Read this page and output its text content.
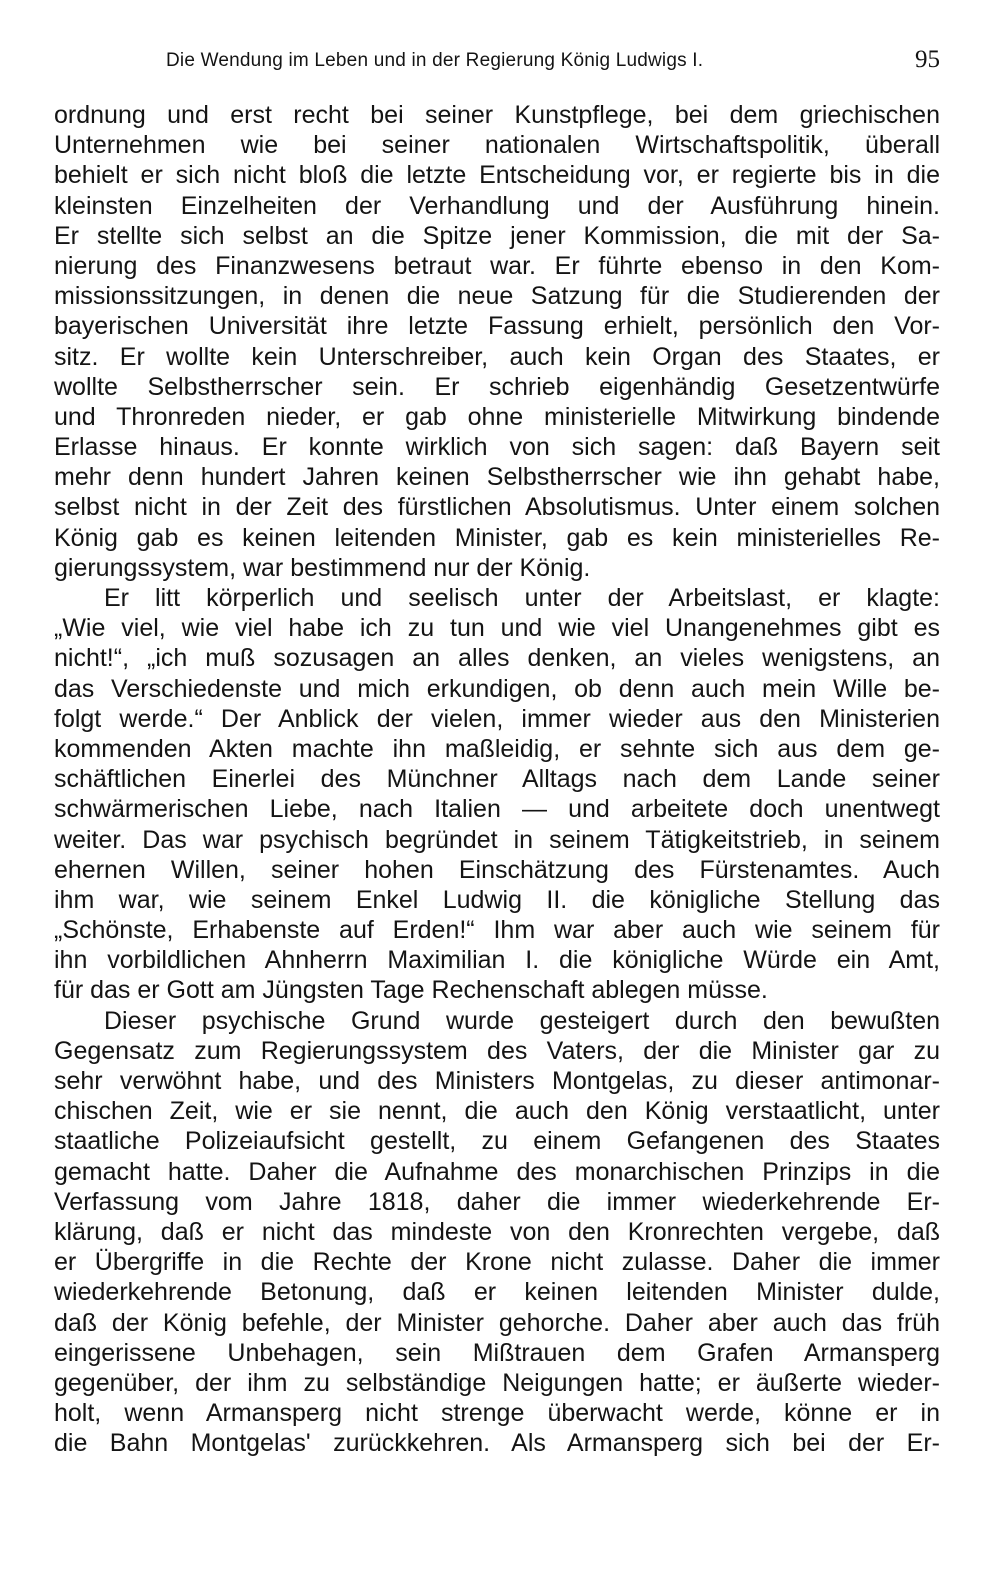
Die Wendung im Leben und in der Regierung König Ludwigs I.	95
ordnung und erst recht bei seiner Kunstpflege, bei dem griechischen
Unternehmen wie bei seiner nationalen Wirtschaftspolitik, überall
behielt er sich nicht bloß die letzte Entscheidung vor, er regierte bis in die
kleinsten Einzelheiten der Verhandlung und der Ausführung hinein.
Er stellte sich selbst an die Spitze jener Kommission, die mit der Sa-
nierung des Finanzwesens betraut war. Er führte ebenso in den Kom-
missionssitzungen, in denen die neue Satzung für die Studierenden der
bayerischen Universität ihre letzte Fassung erhielt, persönlich den Vor-
sitz. Er wollte kein Unterschreiber, auch kein Organ des Staates, er
wollte Selbstherrscher sein. Er schrieb eigenhändig Gesetzentwürfe
und Thronreden nieder, er gab ohne ministerielle Mitwirkung bindende
Erlasse hinaus. Er konnte wirklich von sich sagen: daß Bayern seit
mehr denn hundert Jahren keinen Selbstherrscher wie ihn gehabt habe,
selbst nicht in der Zeit des fürstlichen Absolutismus. Unter einem solchen
König gab es keinen leitenden Minister, gab es kein ministerielles Re-
gierungssystem, war bestimmend nur der König.
Er litt körperlich und seelisch unter der Arbeitslast, er klagte:
„Wie viel, wie viel habe ich zu tun und wie viel Unangenehmes gibt es
nicht!“, „ich muß sozusagen an alles denken, an vieles wenigstens, an
das Verschiedenste und mich erkundigen, ob denn auch mein Wille be-
folgt werde.“ Der Anblick der vielen, immer wieder aus den Ministerien
kommenden Akten machte ihn maßleidig, er sehnte sich aus dem ge-
schäftlichen Einerlei des Münchner Alltags nach dem Lande seiner
schwärmerischen Liebe, nach Italien — und arbeitete doch unentwegt
weiter. Das war psychisch begründet in seinem Tätigkeitstrieb, in seinem
ehernen Willen, seiner hohen Einschätzung des Fürstenamtes. Auch
ihm war, wie seinem Enkel Ludwig II. die königliche Stellung das
„Schönste, Erhabenste auf Erden!“ Ihm war aber auch wie seinem für
ihn vorbildlichen Ahnherrn Maximilian I. die königliche Würde ein Amt,
für das er Gott am Jüngsten Tage Rechenschaft ablegen müsse.
Dieser psychische Grund wurde gesteigert durch den bewußten
Gegensatz zum Regierungssystem des Vaters, der die Minister gar zu
sehr verwöhnt habe, und des Ministers Montgelas, zu dieser antimonar-
chischen Zeit, wie er sie nennt, die auch den König verstaatlicht, unter
staatliche Polizeiaufsicht gestellt, zu einem Gefangenen des Staates
gemacht hatte. Daher die Aufnahme des monarchischen Prinzips in die
Verfassung vom Jahre 1818, daher die immer wiederkehrende Er-
klärung, daß er nicht das mindeste von den Kronrechten vergebe, daß
er Übergriffe in die Rechte der Krone nicht zulasse. Daher die immer
wiederkehrende Betonung, daß er keinen leitenden Minister dulde,
daß der König befehle, der Minister gehorche. Daher aber auch das früh
eingerissene Unbehagen, sein Mißtrauen dem Grafen Armansperg
gegenüber, der ihm zu selbständige Neigungen hatte; er äußerte wieder-
holt, wenn Armansperg nicht strenge überwacht werde, könne er in
die Bahn Montgelas' zurückkehren. Als Armansperg sich bei der Er-
